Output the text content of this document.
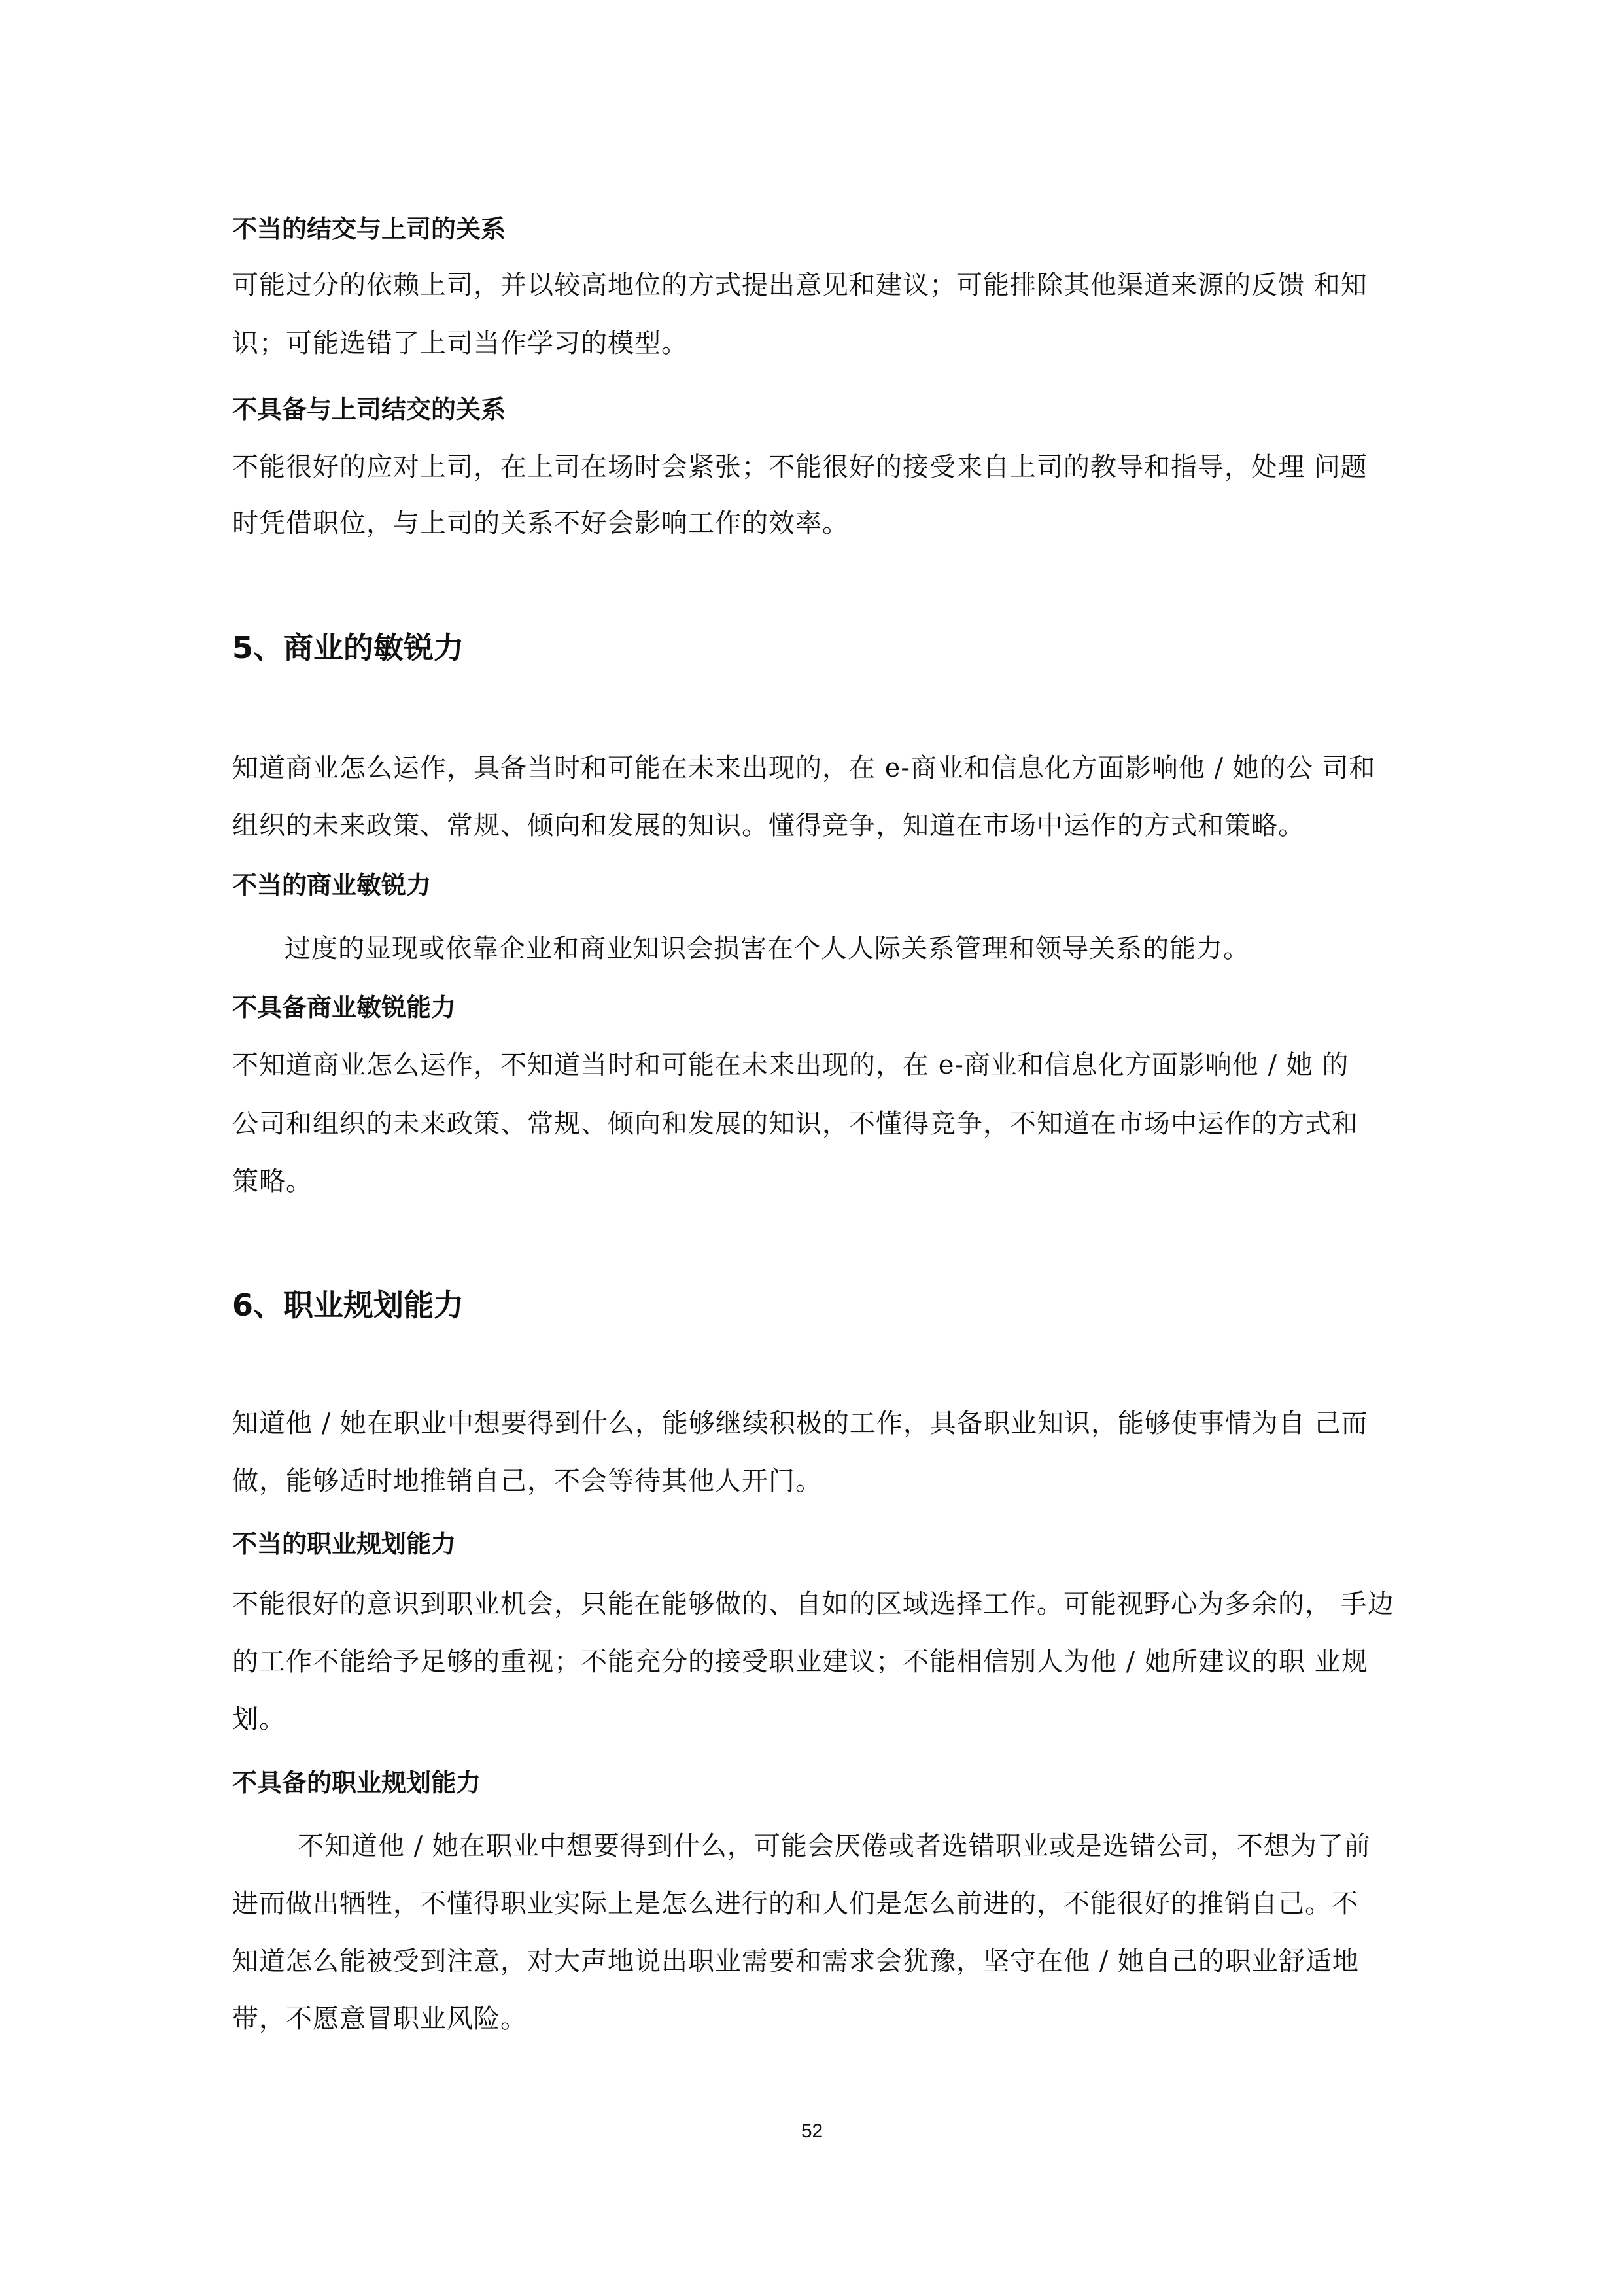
不当的结交与上司的关系
可能过分的依赖上司，并以较高地位的方式提出意见和建议；可能排除其他渠道来源的反馈 和知
识；可能选错了上司当作学习的模型。
不具备与上司结交的关系
不能很好的应对上司，在上司在场时会紧张；不能很好的接受来自上司的教导和指导，处理 问题
时凭借职位，与上司的关系不好会影响工作的效率。
5、商业的敏锐力
知道商业怎么运作，具备当时和可能在未来出现的，在 e-商业和信息化方面影响他 / 她的公 司和
组织的未来政策、常规、倾向和发展的知识。懂得竞争，知道在市场中运作的方式和策略。
不当的商业敏锐力
过度的显现或依靠企业和商业知识会损害在个人人际关系管理和领导关系的能力。
不具备商业敏锐能力
不知道商业怎么运作，不知道当时和可能在未来出现的，在 e-商业和信息化方面影响他 / 她 的
公司和组织的未来政策、常规、倾向和发展的知识，不懂得竞争，不知道在市场中运作的方式和
策略。
6、职业规划能力
知道他 / 她在职业中想要得到什么，能够继续积极的工作，具备职业知识，能够使事情为自 己而
做，能够适时地推销自己，不会等待其他人开门。
不当的职业规划能力
不能很好的意识到职业机会，只能在能够做的、自如的区域选择工作。可能视野心为多余的， 手边
的工作不能给予足够的重视；不能充分的接受职业建议；不能相信别人为他 / 她所建议的职 业规
划。
不具备的职业规划能力
不知道他 / 她在职业中想要得到什么，可能会厌倦或者选错职业或是选错公司，不想为了前
进而做出牺牲，不懂得职业实际上是怎么进行的和人们是怎么前进的，不能很好的推销自己。不
知道怎么能被受到注意，对大声地说出职业需要和需求会犹豫，坚守在他 / 她自己的职业舒适地
带，不愿意冒职业风险。
52
